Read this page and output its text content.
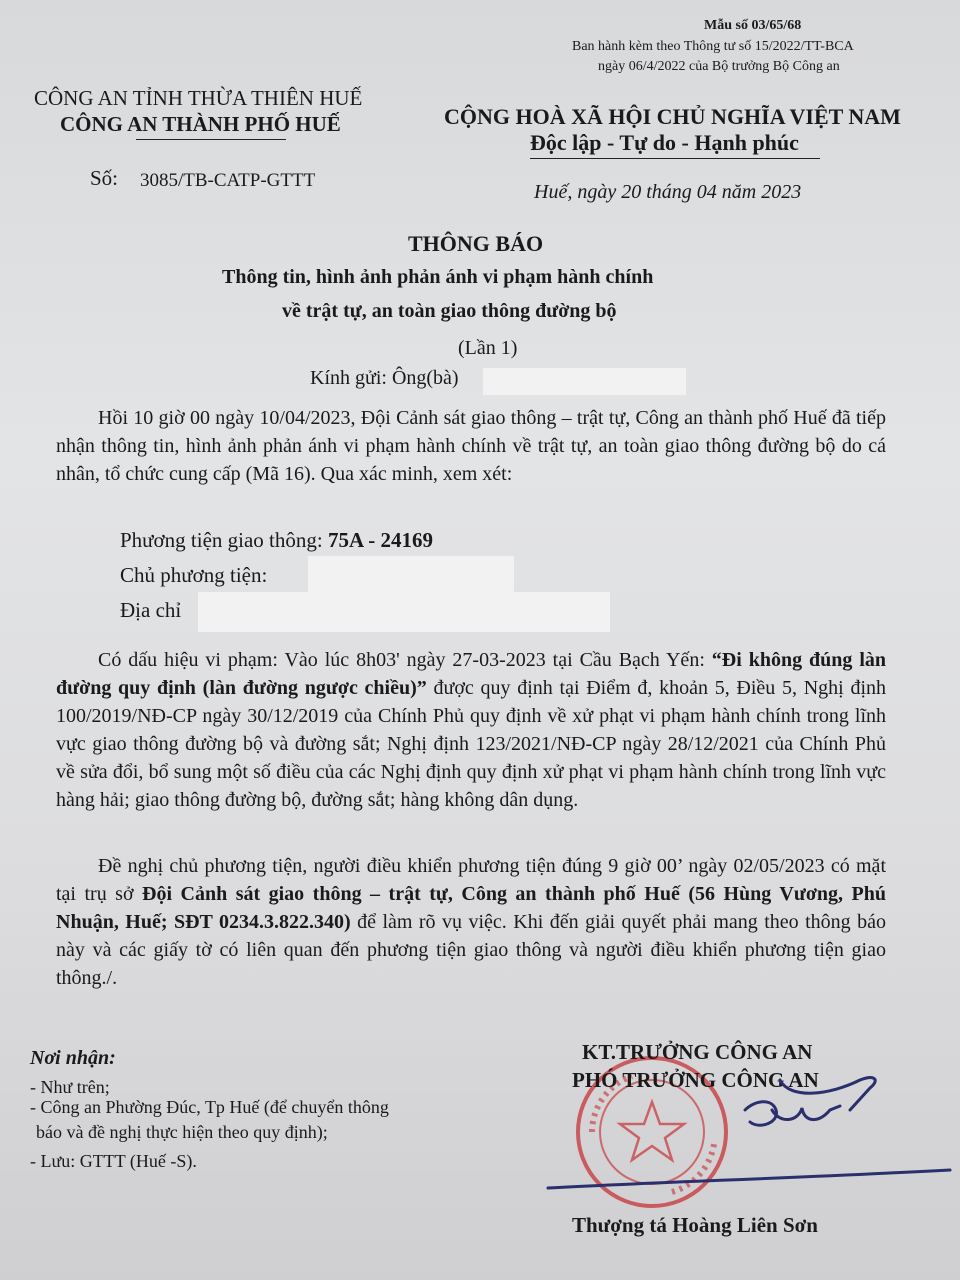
Mẫu số 03/65/68
Ban hành kèm theo Thông tư số 15/2022/TT-BCA
ngày 06/4/2022 của Bộ trưởng Bộ Công an
CÔNG AN TỈNH THỪA THIÊN HUẾ
CÔNG AN THÀNH PHỐ HUẾ
Số: 3085/TB-CATP-GTTT
CỘNG HOÀ XÃ HỘI CHỦ NGHĨA VIỆT NAM
Độc lập - Tự do - Hạnh phúc
Huế, ngày 20 tháng 04 năm 2023
THÔNG BÁO
Thông tin, hình ảnh phản ánh vi phạm hành chính
về trật tự, an toàn giao thông đường bộ
(Lần 1)
Kính gửi: Ông(bà)

Hồi 10 giờ 00 ngày 10/04/2023, Đội Cảnh sát giao thông – trật tự, Công an thành phố Huế đã tiếp nhận thông tin, hình ảnh phản ánh vi phạm hành chính về trật tự, an toàn giao thông đường bộ do cá nhân, tổ chức cung cấp (Mã 16). Qua xác minh, xem xét:

Phương tiện giao thông: 75A - 24169
Chủ phương tiện:
Địa chỉ

Có dấu hiệu vi phạm: Vào lúc 8h03' ngày 27-03-2023 tại Cầu Bạch Yến: “Đi không đúng làn đường quy định (làn đường ngược chiều)” được quy định tại Điểm đ, khoản 5, Điều 5, Nghị định 100/2019/NĐ-CP ngày 30/12/2019 của Chính Phủ quy định về xử phạt vi phạm hành chính trong lĩnh vực giao thông đường bộ và đường sắt; Nghị định 123/2021/NĐ-CP ngày 28/12/2021 của Chính Phủ về sửa đổi, bổ sung một số điều của các Nghị định quy định xử phạt vi phạm hành chính trong lĩnh vực hàng hải; giao thông đường bộ, đường sắt; hàng không dân dụng.

Đề nghị chủ phương tiện, người điều khiển phương tiện đúng 9 giờ 00’ ngày 02/05/2023 có mặt tại trụ sở Đội Cảnh sát giao thông – trật tự, Công an thành phố Huế (56 Hùng Vương, Phú Nhuận, Huế; SĐT 0234.3.822.340) để làm rõ vụ việc. Khi đến giải quyết phải mang theo thông báo này và các giấy tờ có liên quan đến phương tiện giao thông và người điều khiển phương tiện giao thông./.

Nơi nhận:
- Như trên;
- Công an Phường Đúc, Tp Huế (để chuyển thông
báo và đề nghị thực hiện theo quy định);
- Lưu: GTTT (Huế -S).
KT.TRƯỞNG CÔNG AN
PHÓ TRƯỞNG CÔNG AN
Thượng tá Hoàng Liên Sơn
